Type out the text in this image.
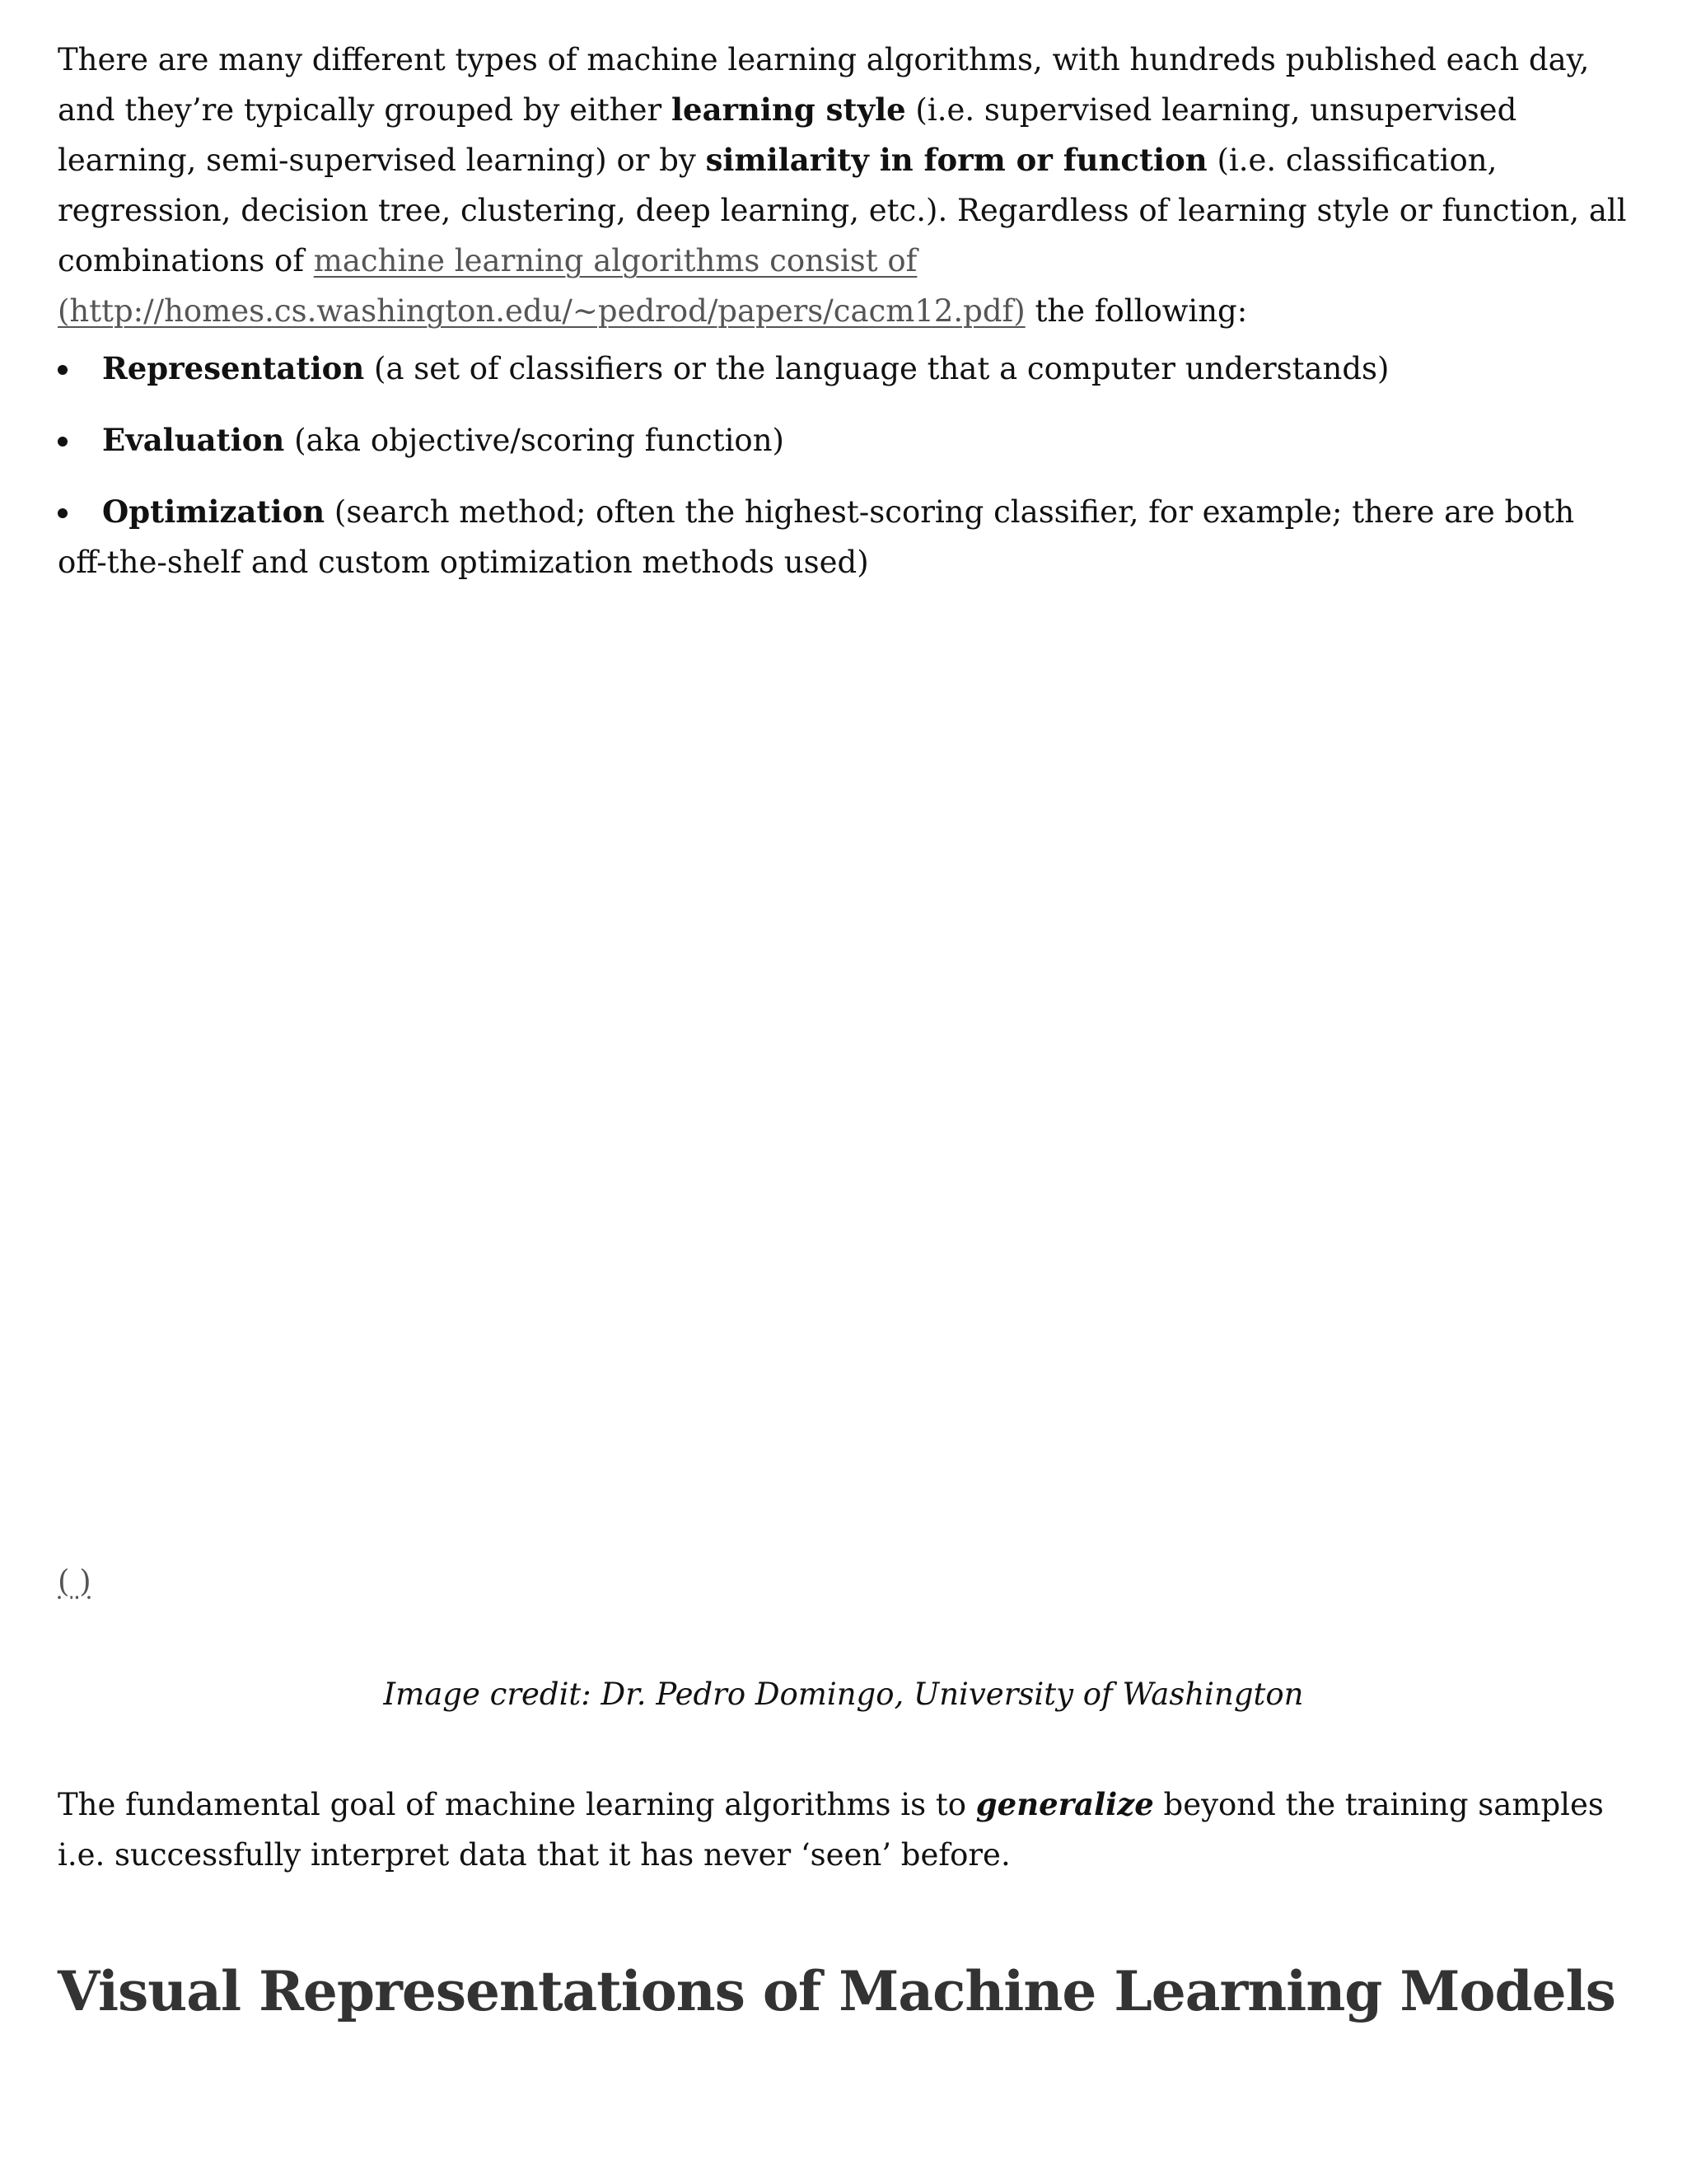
There are many different types of machine learning algorithms, with hundreds published each day, and they’re typically grouped by either learning style (i.e. supervised learning, unsupervised learning, semi-supervised learning) or by similarity in form or function (i.e. classification, regression, decision tree, clustering, deep learning, etc.). Regardless of learning style or function, all combinations of machine learning algorithms consist of (http://homes.cs.washington.edu/~pedrod/papers/cacm12.pdf) the following:

Representation (a set of classifiers or the language that a computer understands)
Evaluation (aka objective/scoring function)
Optimization (search method; often the highest-scoring classifier, for example; there are both off-the-shelf and custom optimization methods used)
( )

Image credit: Dr. Pedro Domingo, University of Washington

The fundamental goal of machine learning algorithms is to generalize beyond the training samples i.e. successfully interpret data that it has never ‘seen’ before.

Visual Representations of Machine Learning Models
